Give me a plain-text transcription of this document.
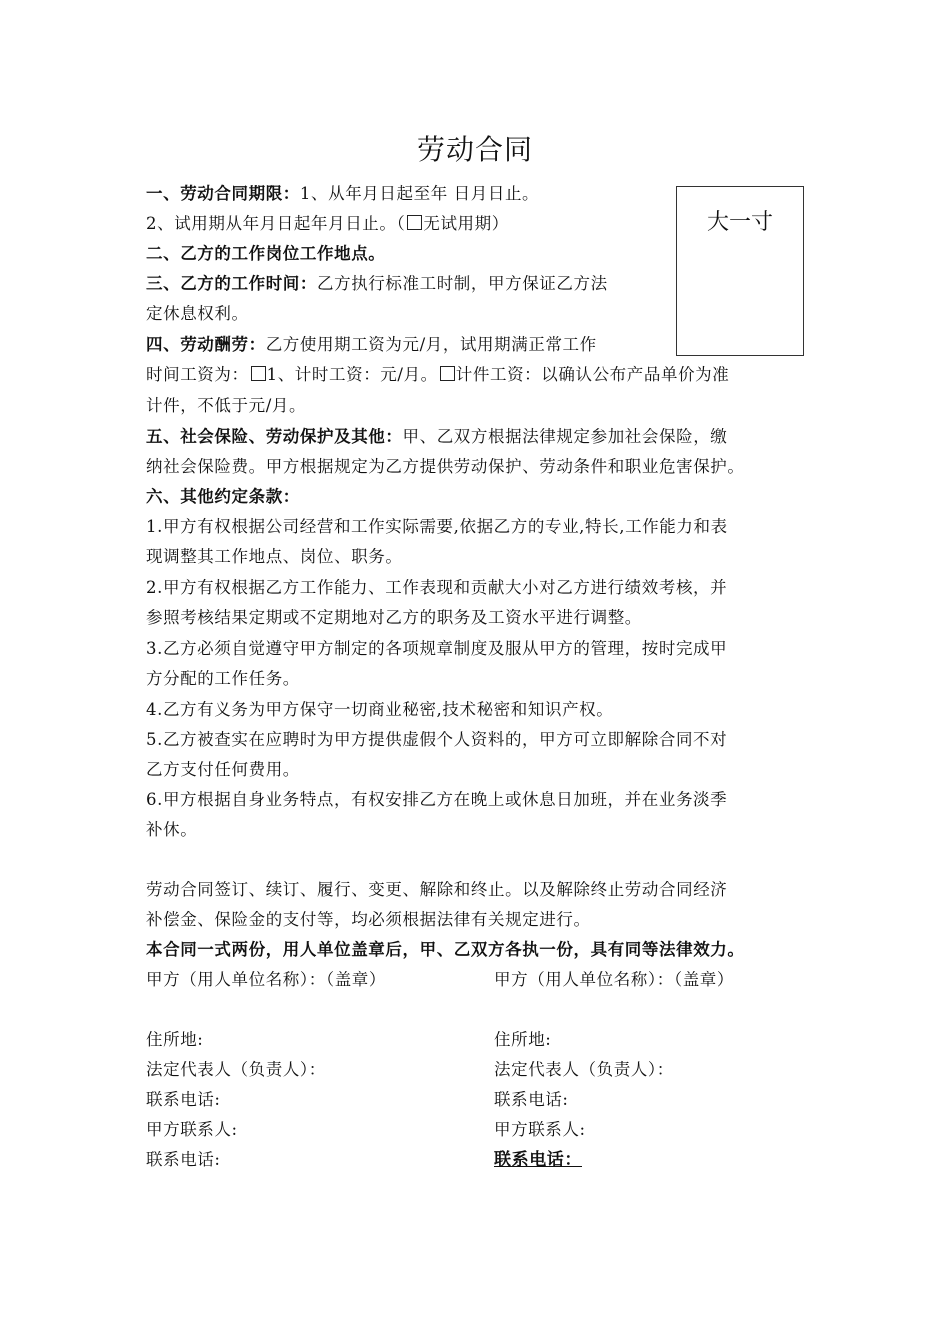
劳动合同
大一寸
一、劳动合同期限：1、从年月日起至年 日月日止。
2、试用期从年月日起年月日止。（ 无试用期）
二、乙方的工作岗位工作地点。
三、乙方的工作时间：乙方执行标准工时制，甲方保证乙方法
定休息权利。
四、劳动酬劳：乙方使用期工资为元/月，试用期满正常工作
时间工资为： 1、计时工资：元/月。 计件工资：以确认公布产品单价为准
计件，不低于元/月。
五、社会保险、劳动保护及其他：甲、乙双方根据法律规定参加社会保险，缴
纳社会保险费。甲方根据规定为乙方提供劳动保护、劳动条件和职业危害保护。
六、其他约定条款：
1.甲方有权根据公司经营和工作实际需要,依据乙方的专业,特长,工作能力和表
现调整其工作地点、岗位、职务。
2.甲方有权根据乙方工作能力、工作表现和贡献大小对乙方进行绩效考核，并
参照考核结果定期或不定期地对乙方的职务及工资水平进行调整。
3.乙方必须自觉遵守甲方制定的各项规章制度及服从甲方的管理，按时完成甲
方分配的工作任务。
4.乙方有义务为甲方保守一切商业秘密,技术秘密和知识产权。
5.乙方被查实在应聘时为甲方提供虚假个人资料的，甲方可立即解除合同不对
乙方支付任何费用。
6.甲方根据自身业务特点，有权安排乙方在晚上或休息日加班，并在业务淡季
补休。
劳动合同签订、续订、履行、变更、解除和终止。以及解除终止劳动合同经济
补偿金、保险金的支付等，均必须根据法律有关规定进行。
本合同一式两份，用人单位盖章后，甲、乙双方各执一份，具有同等法律效力。
甲方（用人单位名称）：（盖章）	甲方（用人单位名称）：（盖章）
住所地:	住所地:
法定代表人（负责人）：	法定代表人（负责人）：
联系电话:	联系电话:
甲方联系人:	甲方联系人:
联系电话:	联系电话：
